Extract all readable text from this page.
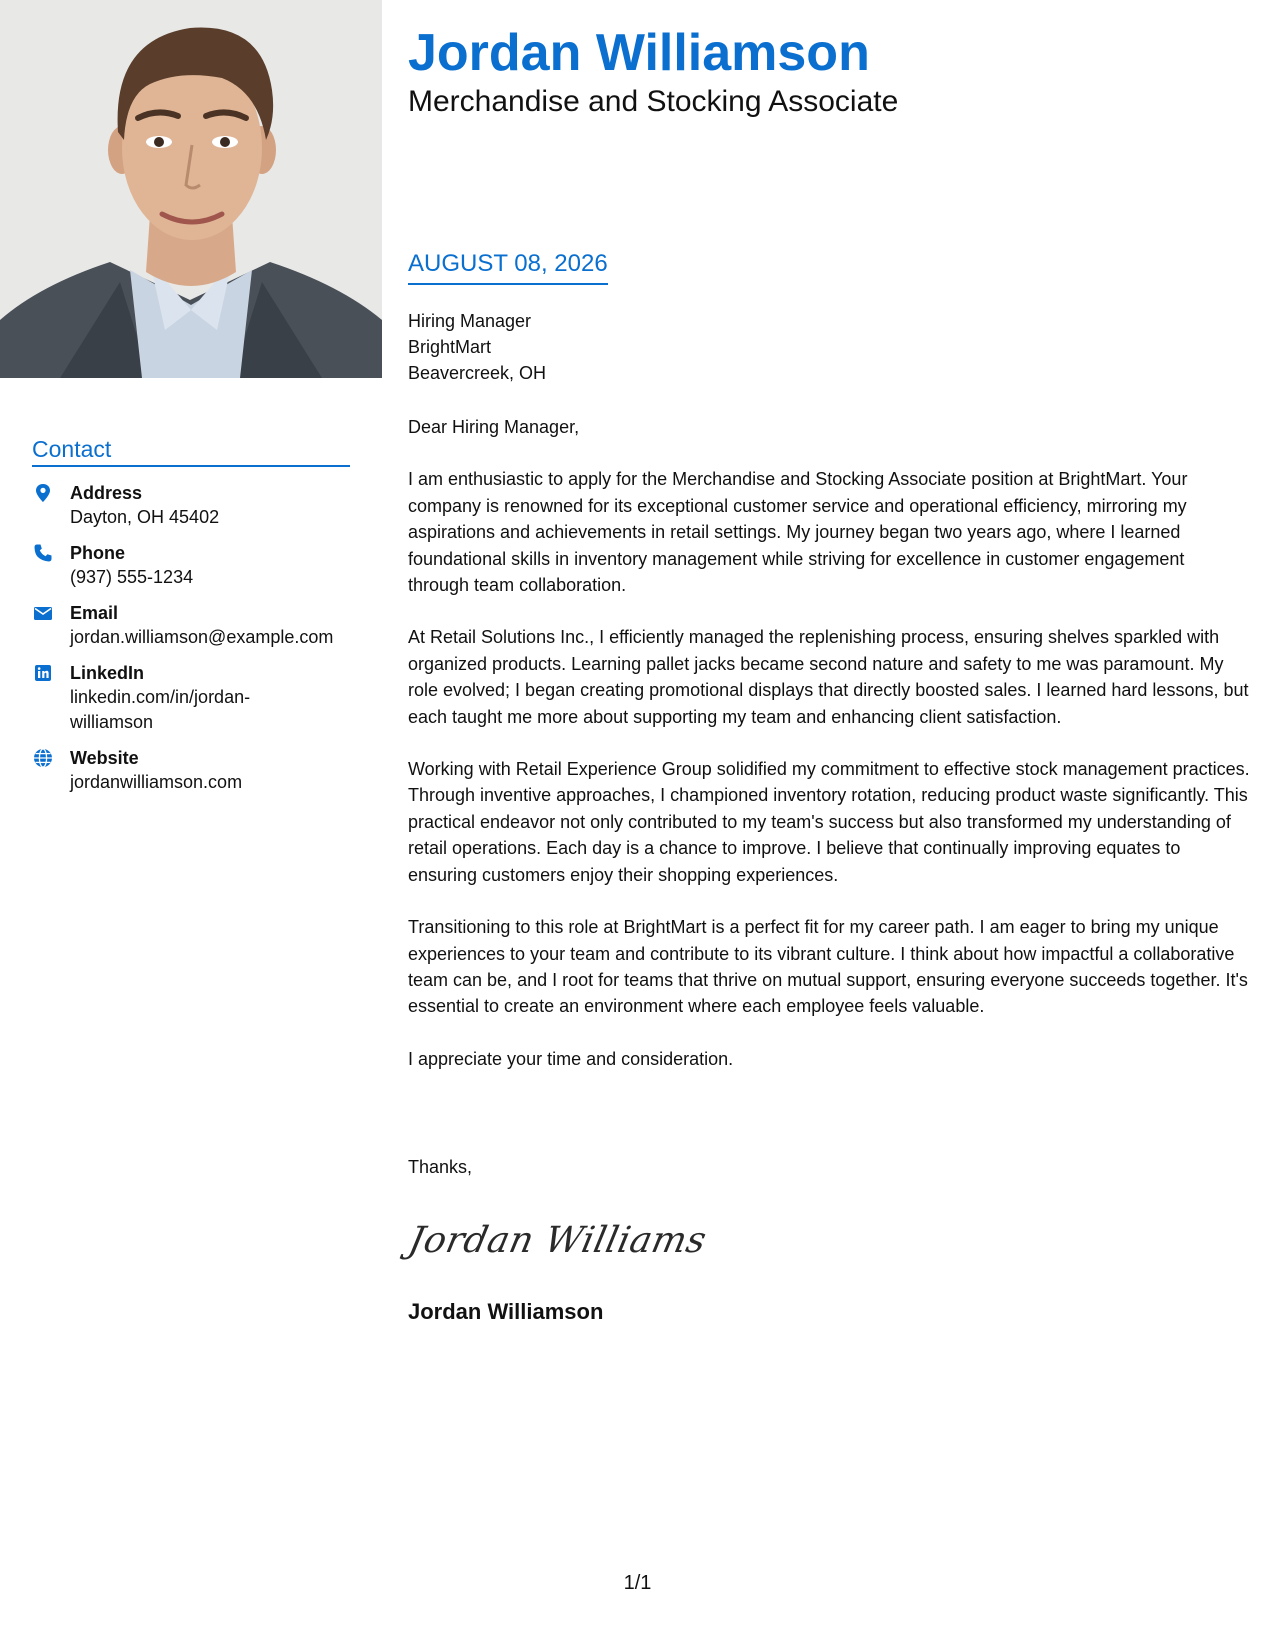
Jordan Williamson
Merchandise and Stocking Associate
Contact
Address
Dayton, OH 45402
Phone
(937) 555-1234
Email
jordan.williamson@example.com
LinkedIn
linkedin.com/in/jordan-williamson
Website
jordanwilliamson.com
AUGUST 08, 2026
Hiring Manager
BrightMart
Beavercreek, OH

Dear Hiring Manager,

I am enthusiastic to apply for the Merchandise and Stocking Associate position at BrightMart. Your company is renowned for its exceptional customer service and operational efficiency, mirroring my aspirations and achievements in retail settings. My journey began two years ago, where I learned foundational skills in inventory management while striving for excellence in customer engagement through team collaboration.

At Retail Solutions Inc., I efficiently managed the replenishing process, ensuring shelves sparkled with organized products. Learning pallet jacks became second nature and safety to me was paramount. My role evolved; I began creating promotional displays that directly boosted sales. I learned hard lessons, but each taught me more about supporting my team and enhancing client satisfaction.

Working with Retail Experience Group solidified my commitment to effective stock management practices. Through inventive approaches, I championed inventory rotation, reducing product waste significantly. This practical endeavor not only contributed to my team's success but also transformed my understanding of retail operations. Each day is a chance to improve. I believe that continually improving equates to ensuring customers enjoy their shopping experiences.

Transitioning to this role at BrightMart is a perfect fit for my career path. I am eager to bring my unique experiences to your team and contribute to its vibrant culture. I think about how impactful a collaborative team can be, and I root for teams that thrive on mutual support, ensuring everyone succeeds together. It's essential to create an environment where each employee feels valuable.

I appreciate your time and consideration.

Thanks,
Jordan Williams
Jordan Williamson
1/1
